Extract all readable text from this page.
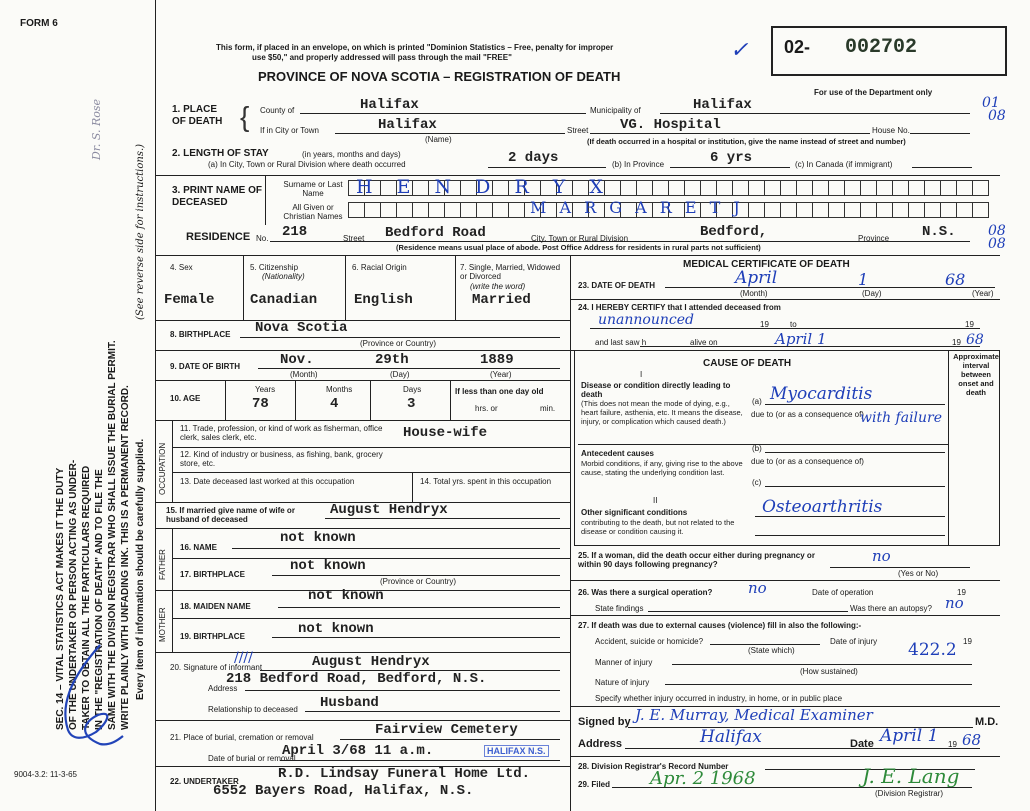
FORM 6
This form, if placed in an envelope, on which is printed "Dominion Statistics – Free, penalty for improper
use $50," and properly addressed will pass through the mail "FREE"
PROVINCE OF NOVA SCOTIA – REGISTRATION OF DEATH
✓ 02- 002702
For use of the Department only
01
08
08
08
SEC. 14 – VITAL STATISTICS ACT MAKES IT THE DUTY OF THE UNDERTAKER OR PERSON ACTING AS UNDER- TAKER TO OBTAIN ALL THE PARTICULARS REQUIRED IN THE "REGISTRATION OF DEATH" AND TO FILE THE SAME WITH THE DIVISION REGISTRAR WHO SHALL ISSUE THE BURIAL PERMIT. WRITE PLAINLY WITH UNFADING INK. THIS IS A PERMANENT RECORD. Every item of information should be carefully supplied.
(See reverse side for instructions.)
Dr. S. Rose
9004-3.2: 11-3-65
1. PLACE OF DEATH { County of	Halifax	Municipality of	Halifax
If in City or Town	Halifax
(Name)
Street VG. Hospital	House No.
(If death occurred in a hospital or institution, give the name instead of street and number)
2. LENGTH OF STAY	(in years, months and days)
(a) In City, Town or Rural Division where death occurred	2 days	(b) In Province	6 yrs	(c) In Canada (if immigrant)
3. PRINT NAME OF DECEASED
Surname or Last Name
All Given or Christian Names
H E N D R Y X
M A R G A R E T J
RESIDENCE No. 218	Street Bedford Road	City, Town or Rural Division	Bedford,	Province N.S.
(Residence means usual place of abode. Post Office Address for residents in rural parts not sufficient)
4. Sex
Female
5. Citizenship
(Nationality)
Canadian
6. Racial Origin
English
7. Single, Married, Widowed or Divorced
(write the word)
Married
8. BIRTHPLACE Nova Scotia
(Province or Country)
9. DATE OF BIRTH	Nov.	29th	1889
(Month)	(Day)	(Year)
10. AGE
Years	Months	Days
78	4	3
If less than one day old
hrs. or	min.
OCCUPATION
11. Trade, profession, or kind of work as fisherman, office clerk, sales clerk, etc.	House-wife
12. Kind of industry or business, as fishing, bank, grocery store, etc.
13. Date deceased last worked at this occupation	14. Total yrs. spent in this occupation
15. If married give name of wife or husband of deceased
August Hendryx
FATHER
16. NAME
not known
17. BIRTHPLACE
not known
(Province or Country)
MOTHER
18. MAIDEN NAME
not known
19. BIRTHPLACE	not known
20. Signature of informant
////	August Hendryx
Address
218 Bedford Road, Bedford, N.S.
Relationship to deceased Husband
21. Place of burial, cremation or removal	Fairview Cemetery
Date of burial or removal
April 3/68 11 a.m.	HALIFAX N.S.
22. UNDERTAKER	R.D. Lindsay Funeral Home Ltd.
6552 Bayers Road, Halifax, N.S.
MEDICAL CERTIFICATE OF DEATH
23. DATE OF DEATH	April	1	68
(Month)	(Day)	(Year)
24. I HEREBY CERTIFY that I attended deceased from
unannounced	19	to	19
and last saw h	alive on	April 1	19 68
CAUSE OF DEATH
Approximate interval between onset and death
I
Disease or condition directly leading to death
(This does not mean the mode of dying, e.g., heart failure, asthenia, etc. It means the disease, injury, or complication which caused death.)
(a) Myocarditis
due to (or as a consequence of)
with failure
Antecedent causes
Morbid conditions, if any, giving rise to the above cause, stating the underlying condition last.
(b)
due to (or as a consequence of)
(c)
II
Other significant conditions
contributing to the death, but not related to the disease or condition causing it.
Osteoarthritis
25. If a woman, did the death occur either during pregnancy or within 90 days following pregnancy?	no
(Yes or No)
26. Was there a surgical operation? no	Date of operation	19
State findings	Was there an autopsy? no
27. If death was due to external causes (violence) fill in also the following:-
Accident, suicide or homicide?
(State which)
Date of injury	19
422.2
Manner of injury
(How sustained)
Nature of injury
Specify whether injury occurred in industry, in home, or in public place
Signed by J. E. Murray, Medical Examiner	M.D.
Address	Halifax	Date April 1 19 68
28. Division Registrar's Record Number
29. Filed Apr. 2 1968	J. E. Lang
(Division Registrar)
